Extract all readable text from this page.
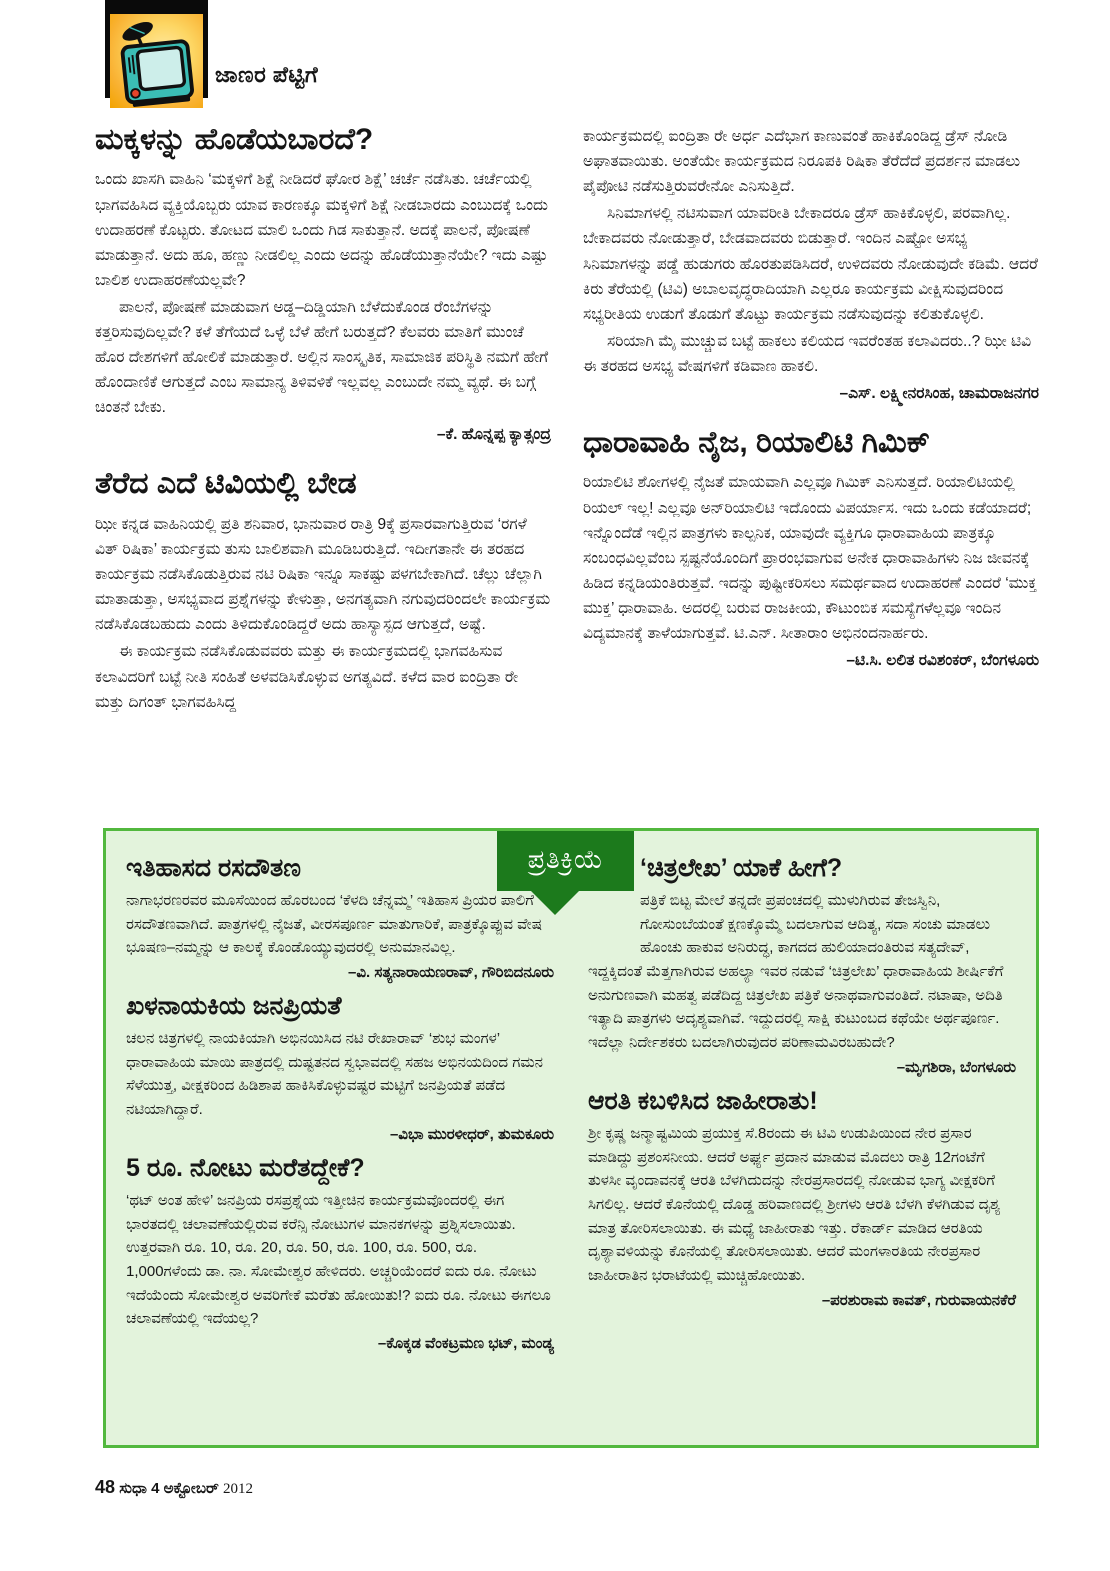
ಜಾಣರ ಪೆಟ್ಟಿಗೆ
ಮಕ್ಕಳನ್ನು ಹೊಡೆಯಬಾರದೆ?
ಒಂದು ಖಾಸಗಿ ವಾಹಿನಿ ‘ಮಕ್ಕಳಿಗೆ ಶಿಕ್ಷೆ ನೀಡಿದರೆ ಘೋರ ಶಿಕ್ಷೆ’ ಚರ್ಚೆ ನಡೆಸಿತು. ಚರ್ಚೆಯಲ್ಲಿ ಭಾಗವಹಿಸಿದ ವ್ಯಕ್ತಿಯೊಬ್ಬರು ಯಾವ ಕಾರಣಕ್ಕೂ ಮಕ್ಕಳಿಗೆ ಶಿಕ್ಷೆ ನೀಡಬಾರದು ಎಂಬುದಕ್ಕೆ ಒಂದು ಉದಾಹರಣೆ ಕೊಟ್ಟರು. ತೋಟದ ಮಾಲಿ ಒಂದು ಗಿಡ ಸಾಕುತ್ತಾನೆ. ಅದಕ್ಕೆ ಪಾಲನೆ, ಪೋಷಣೆ ಮಾಡುತ್ತಾನೆ. ಅದು ಹೂ, ಹಣ್ಣು ನೀಡಲಿಲ್ಲ ಎಂದು ಅದನ್ನು ಹೊಡೆಯುತ್ತಾನೆಯೇ? ಇದು ಎಷ್ಟು ಬಾಲಿಶ ಉದಾಹರಣೆಯಲ್ಲವೇ?
ಪಾಲನೆ, ಪೋಷಣೆ ಮಾಡುವಾಗ ಅಡ್ಡ–ದಿಡ್ಡಿಯಾಗಿ ಬೆಳೆದುಕೊಂಡ ರೆಂಬೆಗಳನ್ನು ಕತ್ತರಿಸುವುದಿಲ್ಲವೇ? ಕಳೆ ತೆಗೆಯದೆ ಒಳ್ಳೆ ಬೆಳೆ ಹೇಗೆ ಬರುತ್ತದೆ? ಕೆಲವರು ಮಾತಿಗೆ ಮುಂಚೆ ಹೊರ ದೇಶಗಳಿಗೆ ಹೋಲಿಕೆ ಮಾಡುತ್ತಾರೆ. ಅಲ್ಲಿನ ಸಾಂಸ್ಕೃತಿಕ, ಸಾಮಾಜಿಕ ಪರಿಸ್ಥಿತಿ ನಮಗೆ ಹೇಗೆ ಹೊಂದಾಣಿಕೆ ಆಗುತ್ತದೆ ಎಂಬ ಸಾಮಾನ್ಯ ತಿಳಿವಳಿಕೆ ಇಲ್ಲವಲ್ಲ ಎಂಬುದೇ ನಮ್ಮ ವ್ಯಥೆ. ಈ ಬಗ್ಗೆ ಚಿಂತನೆ ಬೇಕು.
–ಕೆ. ಹೊನ್ನಪ್ಪ ಕ್ಯಾತ್ಸಂದ್ರ
ತೆರೆದ ಎದೆ ಟಿವಿಯಲ್ಲಿ ಬೇಡ
ಝೀ ಕನ್ನಡ ವಾಹಿನಿಯಲ್ಲಿ ಪ್ರತಿ ಶನಿವಾರ, ಭಾನುವಾರ ರಾತ್ರಿ 9ಕ್ಕೆ ಪ್ರಸಾರವಾಗುತ್ತಿರುವ ‘ರಗಳೆ ವಿತ್ ರಿಷಿಕಾ’ ಕಾರ್ಯಕ್ರಮ ತುಸು ಬಾಲಿಶವಾಗಿ ಮೂಡಿಬರುತ್ತಿದೆ. ಇದೀಗತಾನೇ ಈ ತರಹದ ಕಾರ್ಯಕ್ರಮ ನಡೆಸಿಕೊಡುತ್ತಿರುವ ನಟಿ ರಿಷಿಕಾ ಇನ್ನೂ ಸಾಕಷ್ಟು ಪಳಗಬೇಕಾಗಿದೆ. ಚೆಲ್ಲು ಚೆಲ್ಲಾಗಿ ಮಾತಾಡುತ್ತಾ, ಅಸಭ್ಯವಾದ ಪ್ರಶ್ನೆಗಳನ್ನು ಕೇಳುತ್ತಾ, ಅನಗತ್ಯವಾಗಿ ನಗುವುದರಿಂದಲೇ ಕಾರ್ಯಕ್ರಮ ನಡೆಸಿಕೊಡಬಹುದು ಎಂದು ತಿಳಿದುಕೊಂಡಿದ್ದರೆ ಅದು ಹಾಸ್ಯಾಸ್ಪದ ಆಗುತ್ತದೆ, ಅಷ್ಟೆ.
ಈ ಕಾರ್ಯಕ್ರಮ ನಡೆಸಿಕೊಡುವವರು ಮತ್ತು ಈ ಕಾರ್ಯಕ್ರಮದಲ್ಲಿ ಭಾಗವಹಿಸುವ ಕಲಾವಿದರಿಗೆ ಬಟ್ಟೆ ನೀತಿ ಸಂಹಿತೆ ಅಳವಡಿಸಿಕೊಳ್ಳುವ ಅಗತ್ಯವಿದೆ. ಕಳೆದ ವಾರ ಐಂದ್ರಿತಾ ರೇ ಮತ್ತು ದಿಗಂತ್ ಭಾಗವಹಿಸಿದ್ದ
ಕಾರ್ಯಕ್ರಮದಲ್ಲಿ ಐಂದ್ರಿತಾ ರೇ ಅರ್ಧ ಎದೆಭಾಗ ಕಾಣುವಂತೆ ಹಾಕಿಕೊಂಡಿದ್ದ ಡ್ರೆಸ್ ನೋಡಿ ಅಘಾತವಾಯಿತು. ಅಂತೆಯೇ ಕಾರ್ಯಕ್ರಮದ ನಿರೂಪಕಿ ರಿಷಿಕಾ ತೆರೆದೆದೆ ಪ್ರದರ್ಶನ ಮಾಡಲು ಪೈಪೋಟಿ ನಡೆಸುತ್ತಿರುವರೇನೋ ಎನಿಸುತ್ತಿದೆ.
ಸಿನಿಮಾಗಳಲ್ಲಿ ನಟಿಸುವಾಗ ಯಾವರೀತಿ ಬೇಕಾದರೂ ಡ್ರೆಸ್ ಹಾಕಿಕೊಳ್ಳಲಿ, ಪರವಾಗಿಲ್ಲ. ಬೇಕಾದವರು ನೋಡುತ್ತಾರೆ, ಬೇಡವಾದವರು ಬಿಡುತ್ತಾರೆ. ಇಂದಿನ ಎಷ್ಟೋ ಅಸಭ್ಯ ಸಿನಿಮಾಗಳನ್ನು ಪಡ್ಡೆ ಹುಡುಗರು ಹೊರತುಪಡಿಸಿದರೆ, ಉಳಿದವರು ನೋಡುವುದೇ ಕಡಿಮೆ. ಆದರೆ ಕಿರು ತೆರೆಯಲ್ಲಿ (ಟಿವಿ) ಅಬಾಲವೃದ್ಧರಾದಿಯಾಗಿ ಎಲ್ಲರೂ ಕಾರ್ಯಕ್ರಮ ವೀಕ್ಷಿಸುವುದರಿಂದ ಸಭ್ಯರೀತಿಯ ಉಡುಗೆ ತೊಡುಗೆ ತೊಟ್ಟು ಕಾರ್ಯಕ್ರಮ ನಡೆಸುವುದನ್ನು ಕಲಿತುಕೊಳ್ಳಲಿ.
ಸರಿಯಾಗಿ ಮೈ ಮುಚ್ಚುವ ಬಟ್ಟೆ ಹಾಕಲು ಕಲಿಯದ ಇವರೆಂತಹ ಕಲಾವಿದರು..? ಝೀ ಟಿವಿ ಈ ತರಹದ ಅಸಭ್ಯ ವೇಷಗಳಿಗೆ ಕಡಿವಾಣ ಹಾಕಲಿ.
–ಎಸ್. ಲಕ್ಷ್ಮೀನರಸಿಂಹ, ಚಾಮರಾಜನಗರ
ಧಾರಾವಾಹಿ ನೈಜ, ರಿಯಾಲಿಟಿ ಗಿಮಿಕ್
ರಿಯಾಲಿಟಿ ಶೋಗಳಲ್ಲಿ ನೈಜತೆ ಮಾಯವಾಗಿ ಎಲ್ಲವೂ ಗಿಮಿಕ್ ಎನಿಸುತ್ತದೆ. ರಿಯಾಲಿಟಿಯಲ್ಲಿ ರಿಯಲ್ ಇಲ್ಲ! ಎಲ್ಲವೂ ಅನ್‌ರಿಯಾಲಿಟಿ ಇದೊಂದು ವಿಪರ್ಯಾಸ. ಇದು ಒಂದು ಕಡೆಯಾದರೆ; ಇನ್ನೊಂದೆಡೆ ಇಲ್ಲಿನ ಪಾತ್ರಗಳು ಕಾಲ್ಪನಿಕ, ಯಾವುದೇ ವ್ಯಕ್ತಿಗೂ ಧಾರಾವಾಹಿಯ ಪಾತ್ರಕ್ಕೂ ಸಂಬಂಧವಿಲ್ಲವೆಂಬ ಸ್ಪಷ್ಟನೆಯೊಂದಿಗೆ ಪ್ರಾರಂಭವಾಗುವ ಅನೇಕ ಧಾರಾವಾಹಿಗಳು ನಿಜ ಜೀವನಕ್ಕೆ ಹಿಡಿದ ಕನ್ನಡಿಯಂತಿರುತ್ತವೆ. ಇದನ್ನು ಪುಷ್ಟೀಕರಿಸಲು ಸಮರ್ಥವಾದ ಉದಾಹರಣೆ ಎಂದರೆ ‘ಮುಕ್ತ ಮುಕ್ತ’ ಧಾರಾವಾಹಿ. ಅದರಲ್ಲಿ ಬರುವ ರಾಜಕೀಯ, ಕೌಟುಂಬಿಕ ಸಮಸ್ಯೆಗಳೆಲ್ಲವೂ ಇಂದಿನ ವಿದ್ಯಮಾನಕ್ಕೆ ತಾಳೆಯಾಗುತ್ತವೆ. ಟಿ.ಎನ್. ಸೀತಾರಾಂ ಅಭಿನಂದನಾರ್ಹರು.
–ಟಿ.ಸಿ. ಲಲಿತ ರವಿಶಂಕರ್, ಬೆಂಗಳೂರು
ಪ್ರತಿಕ್ರಿಯೆ
ಇತಿಹಾಸದ ರಸದೌತಣ
ನಾಗಾಭರಣರವರ ಮೂಸೆಯಿಂದ ಹೊರಬಂದ ‘ಕೆಳದಿ ಚೆನ್ನಮ್ಮ’ ಇತಿಹಾಸ ಪ್ರಿಯರ ಪಾಲಿಗೆ ರಸದೌತಣವಾಗಿದೆ. ಪಾತ್ರಗಳಲ್ಲಿ ನೈಜತೆ, ವೀರಸಪೂರ್ಣ ಮಾತುಗಾರಿಕೆ, ಪಾತ್ರಕ್ಕೊಪ್ಪುವ ವೇಷ ಭೂಷಣ–ನಮ್ಮನ್ನು ಆ ಕಾಲಕ್ಕೆ ಕೊಂಡೊಯ್ಯುವುದರಲ್ಲಿ ಅನುಮಾನವಿಲ್ಲ.
–ವಿ. ಸತ್ಯನಾರಾಯಣರಾವ್, ಗೌರಿಬಿದನೂರು
ಖಳನಾಯಕಿಯ ಜನಪ್ರಿಯತೆ
ಚಲನ ಚಿತ್ರಗಳಲ್ಲಿ ನಾಯಕಿಯಾಗಿ ಅಭಿನಯಿಸಿದ ನಟಿ ರೇಖಾರಾವ್ ‘ಶುಭ ಮಂಗಳ’ ಧಾರಾವಾಹಿಯ ಮಾಯಿ ಪಾತ್ರದಲ್ಲಿ ದುಷ್ಟತನದ ಸ್ವಭಾವದಲ್ಲಿ ಸಹಜ ಅಭಿನಯದಿಂದ ಗಮನ ಸೆಳೆಯುತ್ತ, ವೀಕ್ಷಕರಿಂದ ಹಿಡಿಶಾಪ ಹಾಕಿಸಿಕೊಳ್ಳುವಷ್ಟರ ಮಟ್ಟಿಗೆ ಜನಪ್ರಿಯತೆ ಪಡೆದ ನಟಿಯಾಗಿದ್ದಾರೆ.
–ವಿಭಾ ಮುರಳೀಧರ್, ತುಮಕೂರು
5 ರೂ. ನೋಟು ಮರೆತದ್ದೇಕೆ?
‘ಥಟ್ ಅಂತ ಹೇಳಿ’ ಜನಪ್ರಿಯ ರಸಪ್ರಶ್ನೆಯ ಇತ್ತೀಚಿನ ಕಾರ್ಯಕ್ರಮವೊಂದರಲ್ಲಿ ಈಗ ಭಾರತದಲ್ಲಿ ಚಲಾವಣೆಯಲ್ಲಿರುವ ಕರೆನ್ಸಿ ನೋಟುಗಳ ಮಾನಕಗಳನ್ನು ಪ್ರಶ್ನಿಸಲಾಯಿತು. ಉತ್ತರವಾಗಿ ರೂ. 10, ರೂ. 20, ರೂ. 50, ರೂ. 100, ರೂ. 500, ರೂ. 1,000ಗಳೆಂದು ಡಾ. ನಾ. ಸೋಮೇಶ್ವರ ಹೇಳಿದರು. ಅಚ್ಚರಿಯೆಂದರೆ ಐದು ರೂ. ನೋಟು ಇದೆಯೆಂದು ಸೋಮೇಶ್ವರ ಅವರಿಗೇಕೆ ಮರೆತು ಹೋಯಿತು!? ಐದು ರೂ. ನೋಟು ಈಗಲೂ ಚಲಾವಣೆಯಲ್ಲಿ ಇದೆಯಲ್ಲ?
–ಕೊಕ್ಕಡ ವೆಂಕಟ್ರಮಣ ಭಟ್, ಮಂಡ್ಯ
‘ಚಿತ್ರಲೇಖ’ ಯಾಕೆ ಹೀಗೆ?
ಪತ್ರಿಕೆ ಬಿಟ್ಟ ಮೇಲೆ ತನ್ನದೇ ಪ್ರಪಂಚದಲ್ಲಿ ಮುಳುಗಿರುವ ತೇಜಸ್ವಿನಿ, ಗೋಸುಂಬೆಯಂತೆ ಕ್ಷಣಕ್ಕೊಮ್ಮೆ ಬದಲಾಗುವ ಆದಿತ್ಯ, ಸದಾ ಸಂಚು ಮಾಡಲು ಹೊಂಚು ಹಾಕುವ ಅನಿರುದ್ಧ, ಕಾಗದದ ಹುಲಿಯಾದಂತಿರುವ ಸತ್ಯದೇವ್, ಇದ್ದಕ್ಕಿದಂತೆ ಮೆತ್ತಗಾಗಿರುವ ಅಹಲ್ಯಾ ಇವರ ನಡುವೆ ‘ಚಿತ್ರಲೇಖ’ ಧಾರಾವಾಹಿಯ ಶೀರ್ಷಿಕೆಗೆ ಅನುಗುಣವಾಗಿ ಮಹತ್ವ ಪಡೆದಿದ್ದ ಚಿತ್ರಲೇಖ ಪತ್ರಿಕೆ ಅನಾಥವಾಗುವಂತಿದೆ. ನಟಾಷಾ, ಅದಿತಿ ಇತ್ಯಾದಿ ಪಾತ್ರಗಳು ಅದೃಶ್ಯವಾಗಿವೆ. ಇದ್ದುದರಲ್ಲಿ ಸಾಕ್ಷಿ ಕುಟುಂಬದ ಕಥೆಯೇ ಅರ್ಥಪೂರ್ಣ. ಇದೆಲ್ಲಾ ನಿರ್ದೇಶಕರು ಬದಲಾಗಿರುವುದರ ಪರಿಣಾಮವಿರಬಹುದೇ?
–ಮೃಗಶಿರಾ, ಬೆಂಗಳೂರು
ಆರತಿ ಕಬಳಿಸಿದ ಜಾಹೀರಾತು!
ಶ್ರೀ ಕೃಷ್ಣ ಜನ್ಮಾಷ್ಟಮಿಯ ಪ್ರಯುಕ್ತ ಸೆ.8ರಂದು ಈ ಟಿವಿ ಉಡುಪಿಯಿಂದ ನೇರ ಪ್ರಸಾರ ಮಾಡಿದ್ದು ಪ್ರಶಂಸನೀಯ. ಆದರೆ ಅರ್ಘ್ಯ ಪ್ರದಾನ ಮಾಡುವ ಮೊದಲು ರಾತ್ರಿ 12ಗಂಟೆಗೆ ತುಳಸೀ ವೃಂದಾವನಕ್ಕೆ ಆರತಿ ಬೆಳಗಿದುದನ್ನು ನೇರಪ್ರಸಾರದಲ್ಲಿ ನೋಡುವ ಭಾಗ್ಯ ವೀಕ್ಷಕರಿಗೆ ಸಿಗಲಿಲ್ಲ. ಆದರೆ ಕೊನೆಯಲ್ಲಿ ದೊಡ್ಡ ಹರಿವಾಣದಲ್ಲಿ ಶ್ರೀಗಳು ಆರತಿ ಬೆಳಗಿ ಕೆಳಗಿಡುವ ದೃಶ್ಯ ಮಾತ್ರ ತೋರಿಸಲಾಯಿತು. ಈ ಮಧ್ಯೆ ಜಾಹೀರಾತು ಇತ್ತು. ರೆಕಾರ್ಡ್ ಮಾಡಿದ ಆರತಿಯ ದೃಶ್ಯಾವಳಿಯನ್ನು ಕೊನೆಯಲ್ಲಿ ತೋರಿಸಲಾಯಿತು. ಆದರೆ ಮಂಗಳಾರತಿಯ ನೇರಪ್ರಸಾರ ಜಾಹೀರಾತಿನ ಭರಾಟೆಯಲ್ಲಿ ಮುಚ್ಚಿಹೋಯಿತು.
–ಪರಶುರಾಮ ಕಾವತ್, ಗುರುವಾಯನಕೆರೆ
48 ಸುಧಾ 4 ಅಕ್ಟೋಬರ್ 2012
